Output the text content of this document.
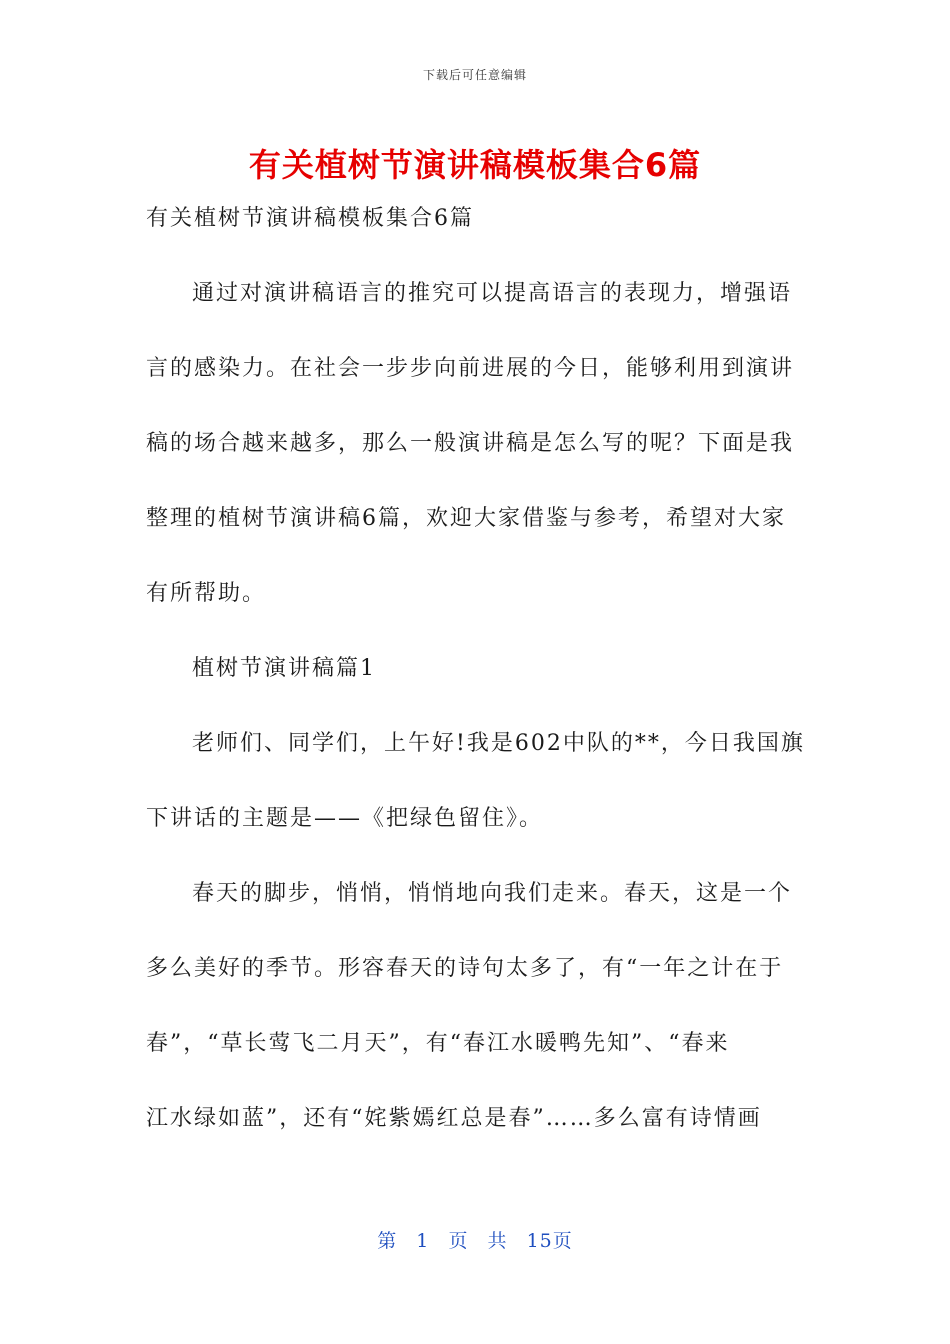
下载后可任意编辑
有关植树节演讲稿模板集合6篇
有关植树节演讲稿模板集合6篇
通过对演讲稿语言的推究可以提高语言的表现力，增强语
言的感染力。在社会一步步向前进展的今日，能够利用到演讲
稿的场合越来越多，那么一般演讲稿是怎么写的呢？下面是我
整理的植树节演讲稿6篇，欢迎大家借鉴与参考，希望对大家
有所帮助。
植树节演讲稿篇1
老师们、同学们，上午好!我是602中队的**，今日我国旗
下讲话的主题是——《把绿色留住》。
春天的脚步，悄悄，悄悄地向我们走来。春天，这是一个
多么美好的季节。形容春天的诗句太多了，有“一年之计在于
春”，“草长莺飞二月天”，有“春江水暖鸭先知”、“春来
江水绿如蓝”，还有“姹紫嫣红总是春”……多么富有诗情画
第 1 页 共 15页
